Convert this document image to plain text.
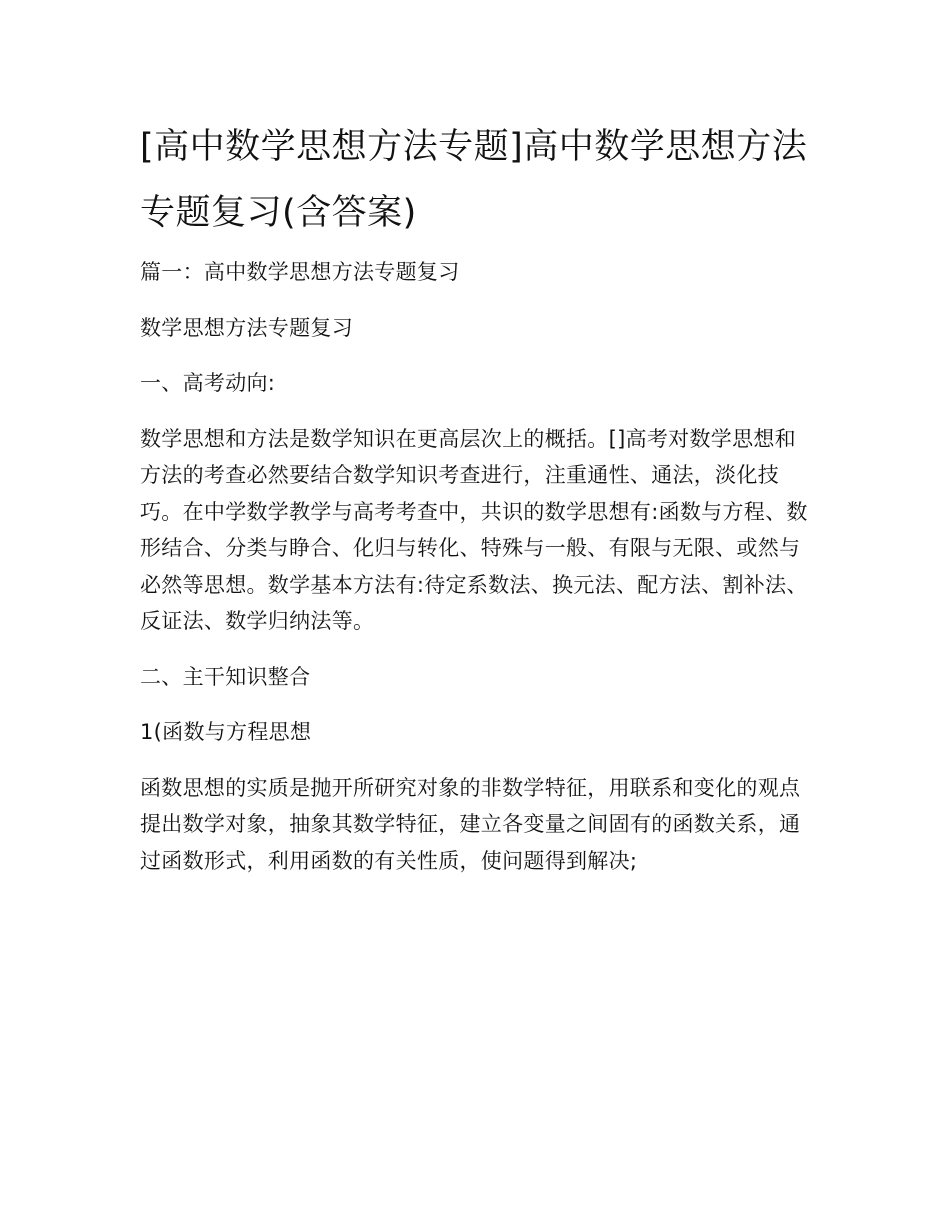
[高中数学思想方法专题]高中数学思想方法
专题复习(含答案)

篇一：高中数学思想方法专题复习

数学思想方法专题复习

一、高考动向:

数学思想和方法是数学知识在更高层次上的概括。[]高考对数学思想和方法的考查必然要结合数学知识考查进行，注重通性、通法，淡化技巧。在中学数学教学与高考考查中，共识的数学思想有:函数与方程、数形结合、分类与睁合、化归与转化、特殊与一般、有限与无限、或然与必然等思想。数学基本方法有:待定系数法、换元法、配方法、割补法、反证法、数学归纳法等。

二、主干知识整合

1(函数与方程思想

函数思想的实质是抛开所研究对象的非数学特征，用联系和变化的观点提出数学对象，抽象其数学特征，建立各变量之间固有的函数关系，通过函数形式，利用函数的有关性质，使问题得到解决;
